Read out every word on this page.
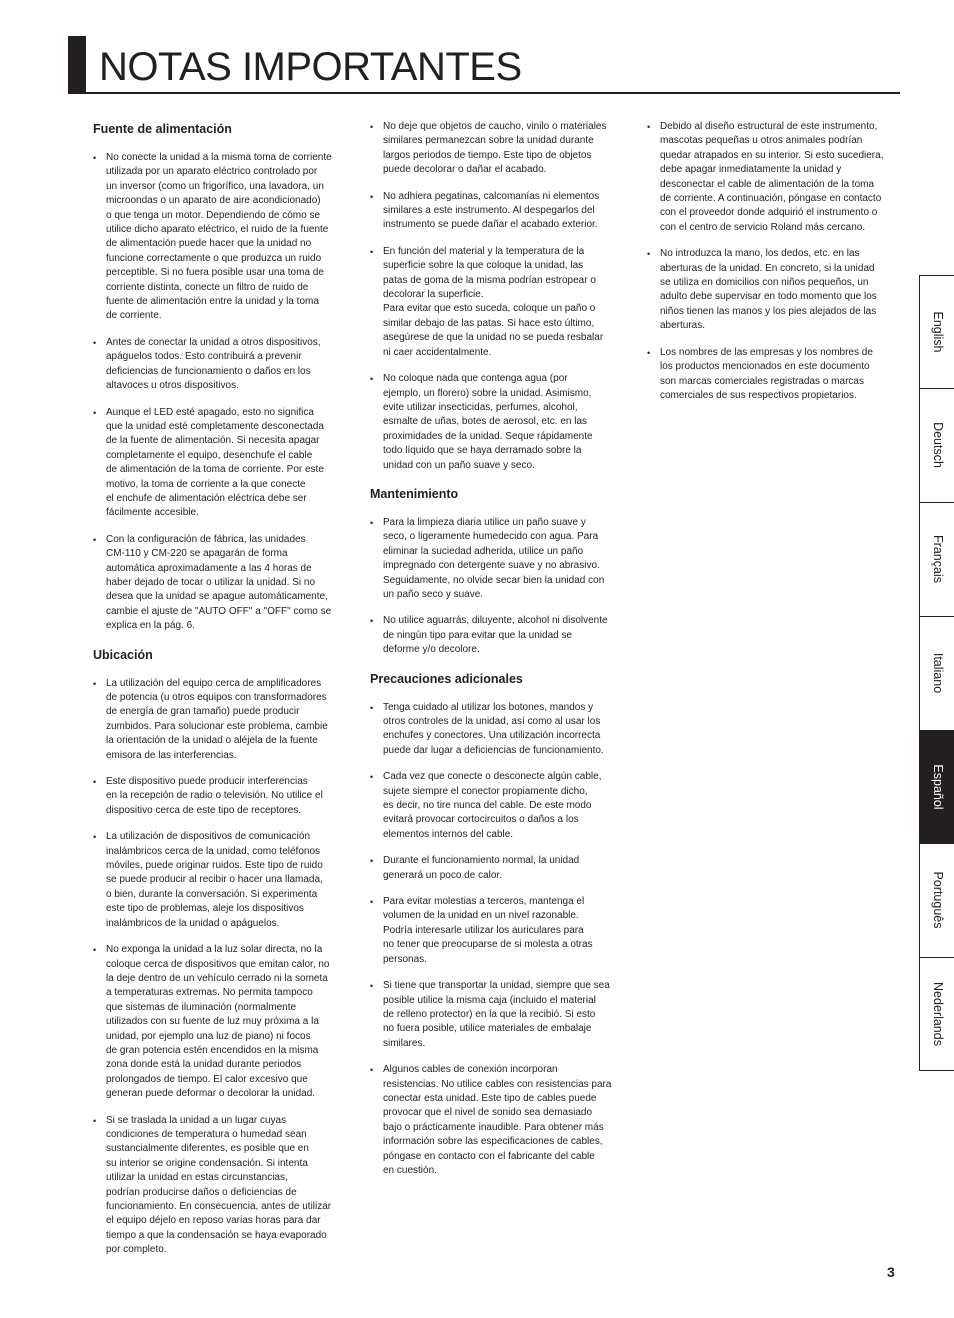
NOTAS IMPORTANTES
Fuente de alimentación
• No conecte la unidad a la misma toma de corriente
utilizada por un aparato eléctrico controlado por
un inversor (como un frigorífico, una lavadora, un
microondas o un aparato de aire acondicionado)
o que tenga un motor. Dependiendo de cómo se
utilice dicho aparato eléctrico, el ruido de la fuente
de alimentación puede hacer que la unidad no
funcione correctamente o que produzca un ruido
perceptible. Si no fuera posible usar una toma de
corriente distinta, conecte un filtro de ruido de
fuente de alimentación entre la unidad y la toma
de corriente.
• Antes de conectar la unidad a otros dispositivos,
apáguelos todos. Esto contribuirá a prevenir
deficiencias de funcionamiento o daños en los
altavoces u otros dispositivos.
• Aunque el LED esté apagado, esto no significa
que la unidad esté completamente desconectada
de la fuente de alimentación. Si necesita apagar
completamente el equipo, desenchufe el cable
de alimentación de la toma de corriente. Por este
motivo, la toma de corriente a la que conecte
el enchufe de alimentación eléctrica debe ser
fácilmente accesible.
• Con la configuración de fábrica, las unidades
CM-110 y CM-220 se apagarán de forma
automática aproximadamente a las 4 horas de
haber dejado de tocar o utilizar la unidad. Si no
desea que la unidad se apague automáticamente,
cambie el ajuste de "AUTO OFF" a "OFF" como se
explica en la pág. 6.
Ubicación
• La utilización del equipo cerca de amplificadores
de potencia (u otros equipos con transformadores
de energía de gran tamaño) puede producir
zumbidos. Para solucionar este problema, cambie
la orientación de la unidad o aléjela de la fuente
emisora de las interferencias.
• Este dispositivo puede producir interferencias
en la recepción de radio o televisión. No utilice el
dispositivo cerca de este tipo de receptores.
• La utilización de dispositivos de comunicación
inalámbricos cerca de la unidad, como teléfonos
móviles, puede originar ruidos. Este tipo de ruido
se puede producir al recibir o hacer una llamada,
o bien, durante la conversación. Si experimenta
este tipo de problemas, aleje los dispositivos
inalámbricos de la unidad o apáguelos.
• No exponga la unidad a la luz solar directa, no la
coloque cerca de dispositivos que emitan calor, no
la deje dentro de un vehículo cerrado ni la someta
a temperaturas extremas. No permita tampoco
que sistemas de iluminación (normalmente
utilizados con su fuente de luz muy próxima a la
unidad, por ejemplo una luz de piano) ni focos
de gran potencia estén encendidos en la misma
zona donde está la unidad durante periodos
prolongados de tiempo. El calor excesivo que
generan puede deformar o decolorar la unidad.
• Si se traslada la unidad a un lugar cuyas
condiciones de temperatura o humedad sean
sustancialmente diferentes, es posible que en
su interior se origine condensación. Si intenta
utilizar la unidad en estas circunstancias,
podrían producirse daños o deficiencias de
funcionamiento. En consecuencia, antes de utilizar
el equipo déjelo en reposo varias horas para dar
tiempo a que la condensación se haya evaporado
por completo.
• No deje que objetos de caucho, vinilo o materiales
similares permanezcan sobre la unidad durante
largos periodos de tiempo. Este tipo de objetos
puede decolorar o dañar el acabado.
• No adhiera pegatinas, calcomanías ni elementos
similares a este instrumento. Al despegarlos del
instrumento se puede dañar el acabado exterior.
• En función del material y la temperatura de la
superficie sobre la que coloque la unidad, las
patas de goma de la misma podrían estropear o
decolorar la superficie.
Para evitar que esto suceda, coloque un paño o
similar debajo de las patas. Si hace esto último,
asegúrese de que la unidad no se pueda resbalar
ni caer accidentalmente.
• No coloque nada que contenga agua (por
ejemplo, un florero) sobre la unidad. Asimismo,
evite utilizar insecticidas, perfumes, alcohol,
esmalte de uñas, botes de aerosol, etc. en las
proximidades de la unidad. Seque rápidamente
todo líquido que se haya derramado sobre la
unidad con un paño suave y seco.
Mantenimiento
• Para la limpieza diaria utilice un paño suave y
seco, o ligeramente humedecido con agua. Para
eliminar la suciedad adherida, utilice un paño
impregnado con detergente suave y no abrasivo.
Seguidamente, no olvide secar bien la unidad con
un paño seco y suave.
• No utilice aguarrás, diluyente, alcohol ni disolvente
de ningún tipo para evitar que la unidad se
deforme y/o decolore.
Precauciones adicionales
• Tenga cuidado al utilizar los botones, mandos y
otros controles de la unidad, así como al usar los
enchufes y conectores. Una utilización incorrecta
puede dar lugar a deficiencias de funcionamiento.
• Cada vez que conecte o desconecte algún cable,
sujete siempre el conector propiamente dicho,
es decir, no tire nunca del cable. De este modo
evitará provocar cortocircuitos o daños a los
elementos internos del cable.
• Durante el funcionamiento normal, la unidad
generará un poco de calor.
• Para evitar molestias a terceros, mantenga el
volumen de la unidad en un nivel razonable.
Podría interesarle utilizar los auriculares para
no tener que preocuparse de si molesta a otras
personas.
• Si tiene que transportar la unidad, siempre que sea
posible utilice la misma caja (incluido el material
de relleno protector) en la que la recibió. Si esto
no fuera posible, utilice materiales de embalaje
similares.
• Algunos cables de conexión incorporan
resistencias. No utilice cables con resistencias para
conectar esta unidad. Este tipo de cables puede
provocar que el nivel de sonido sea demasiado
bajo o prácticamente inaudible. Para obtener más
información sobre las especificaciones de cables,
póngase en contacto con el fabricante del cable
en cuestión.
• Debido al diseño estructural de este instrumento,
mascotas pequeñas u otros animales podrían
quedar atrapados en su interior. Si esto sucediera,
debe apagar inmediatamente la unidad y
desconectar el cable de alimentación de la toma
de corriente. A continuación, póngase en contacto
con el proveedor donde adquirió el instrumento o
con el centro de servicio Roland más cercano.
• No introduzca la mano, los dedos, etc. en las
aberturas de la unidad. En concreto, si la unidad
se utiliza en domicilios con niños pequeños, un
adulto debe supervisar en todo momento que los
niños tienen las manos y los pies alejados de las
aberturas.
• Los nombres de las empresas y los nombres de
los productos mencionados en este documento
son marcas comerciales registradas o marcas
comerciales de sus respectivos propietarios.
English
Deutsch
Français
Italiano
Español
Português
Nederlands
3
